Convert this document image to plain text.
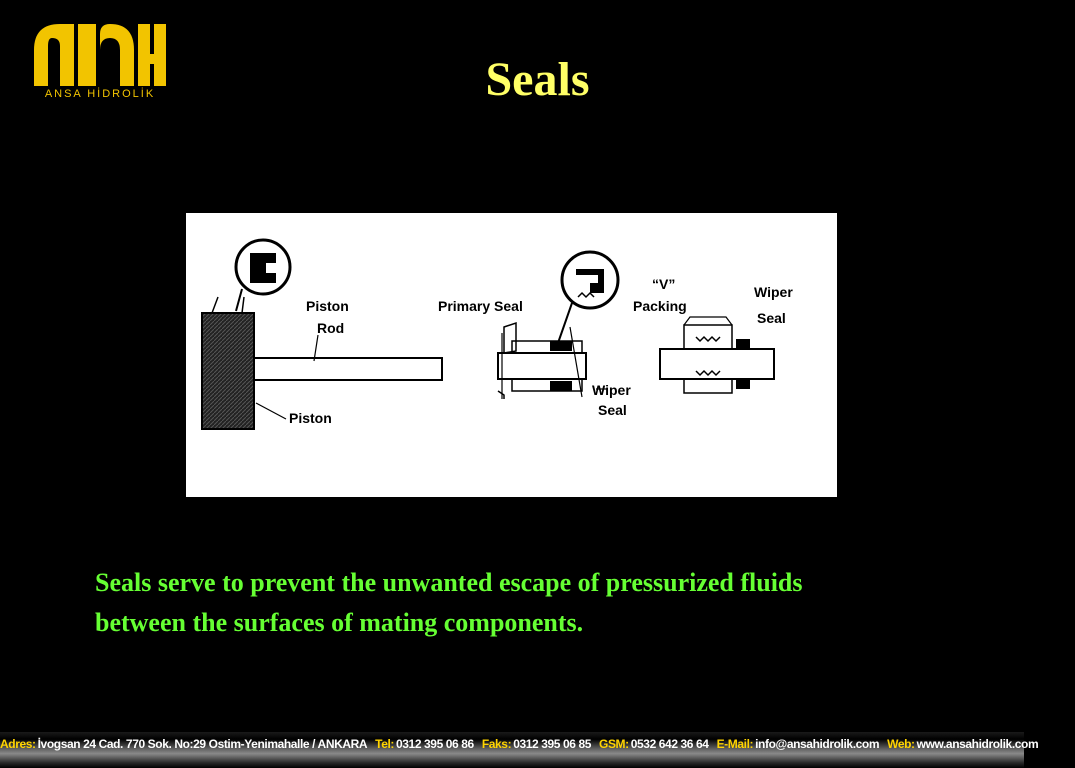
ANSA HİDROLİK	Seals
Piston
Rod
Piston
Primary Seal
“V”
Packing
Wiper
Seal
Wiper
Seal

Seals serve to prevent the unwanted escape of pressurized fluids between the surfaces of mating components.

Adres: İvogsan 24 Cad. 770 Sok. No:29 Ostim-Yenimahalle / ANKARA Tel: 0312 395 06 86 Faks: 0312 395 06 85 GSM: 0532 642 36 64 E-Mail: info@ansahidrolik.com Web: www.ansahidrolik.com
